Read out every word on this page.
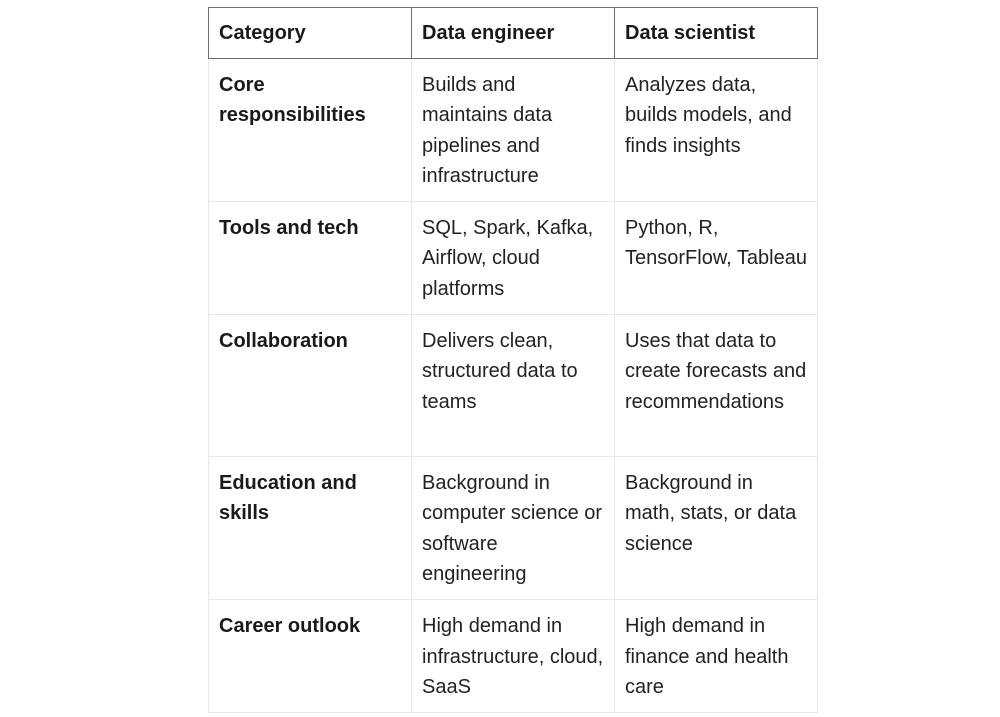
Category	Data engineer	Data scientist
Core responsibilities	Builds and maintains data pipelines and infrastructure	Analyzes data, builds models, and finds insights
Tools and tech	SQL, Spark, Kafka, Airflow, cloud platforms	Python, R, TensorFlow, Tableau
Collaboration	Delivers clean, structured data to teams	Uses that data to create forecasts and recommendations
Education and skills	Background in computer science or software engineering	Background in math, stats, or data science
Career outlook	High demand in infrastructure, cloud, SaaS	High demand in finance and health care
